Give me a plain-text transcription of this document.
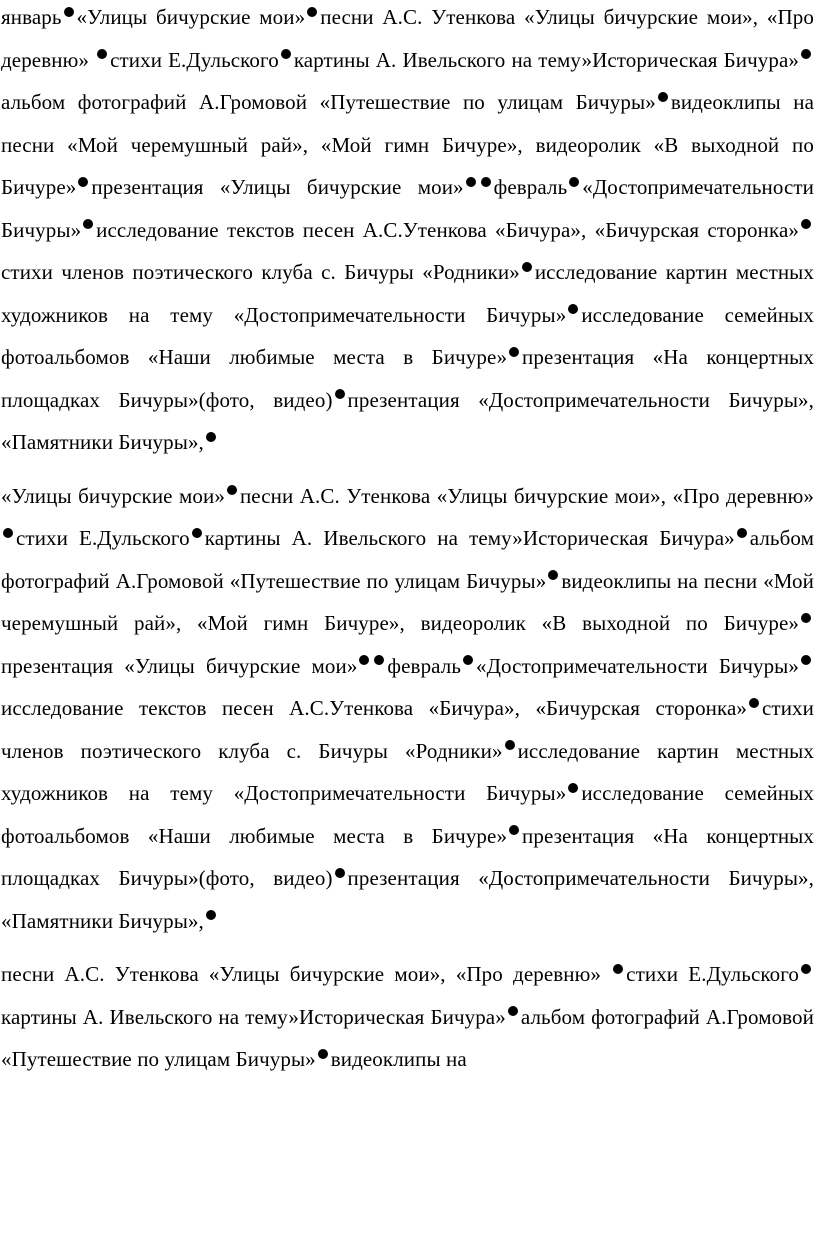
январь «Улицы бичурские мои» песни А.С. Утенкова «Улицы бичурские мои», «Про деревню» стихи Е.Дульского картины А. Ивельского на тему»Историческая Бичура»альбом фотографий А.Громовой «Путешествие по улицам Бичуры» видеоклипы на песни «Мой черемушный рай», «Мой гимн Бичуре», видеоролик «В выходной по Бичуре» презентация «Улицы бичурские мои» февраль «Достопримечательности Бичуры» исследование текстов песен А.С.Утенкова «Бичура», «Бичурская сторонка»стихи членов поэтического клуба с. Бичуры «Родники» исследование картин местных художников на тему «Достопримечательности Бичуры» исследование семейных фотоальбомов «Наши любимые места в Бичуре» презентация «На концертных площадках Бичуры»(фото, видео) презентация «Достопримечательности Бичуры», «Памятники Бичуры»,

«Улицы бичурские мои» песни А.С. Утенкова «Улицы бичурские мои», «Про деревню» стихи Е.Дульского картины А. Ивельского на тему»Историческая Бичура» альбом фотографий А.Громовой «Путешествие по улицам Бичуры» видеоклипы на песни «Мой черемушный рай», «Мой гимн Бичуре», видеоролик «В выходной по Бичуре»презентация «Улицы бичурские мои» февраль «Достопримечательности Бичуры»исследование текстов песен А.С.Утенкова «Бичура», «Бичурская сторонка» стихи членов поэтического клуба с. Бичуры «Родники» исследование картин местных художников на тему «Достопримечательности Бичуры» исследование семейных фотоальбомов «Наши любимые места в Бичуре» презентация «На концертных площадках Бичуры»(фото, видео) презентация «Достопримечательности Бичуры», «Памятники Бичуры»,

песни А.С. Утенкова «Улицы бичурские мои», «Про деревню» стихи Е.Дульскогокартины А. Ивельского на тему»Историческая Бичура» альбом фотографий А.Громовой «Путешествие по улицам Бичуры» видеоклипы на
